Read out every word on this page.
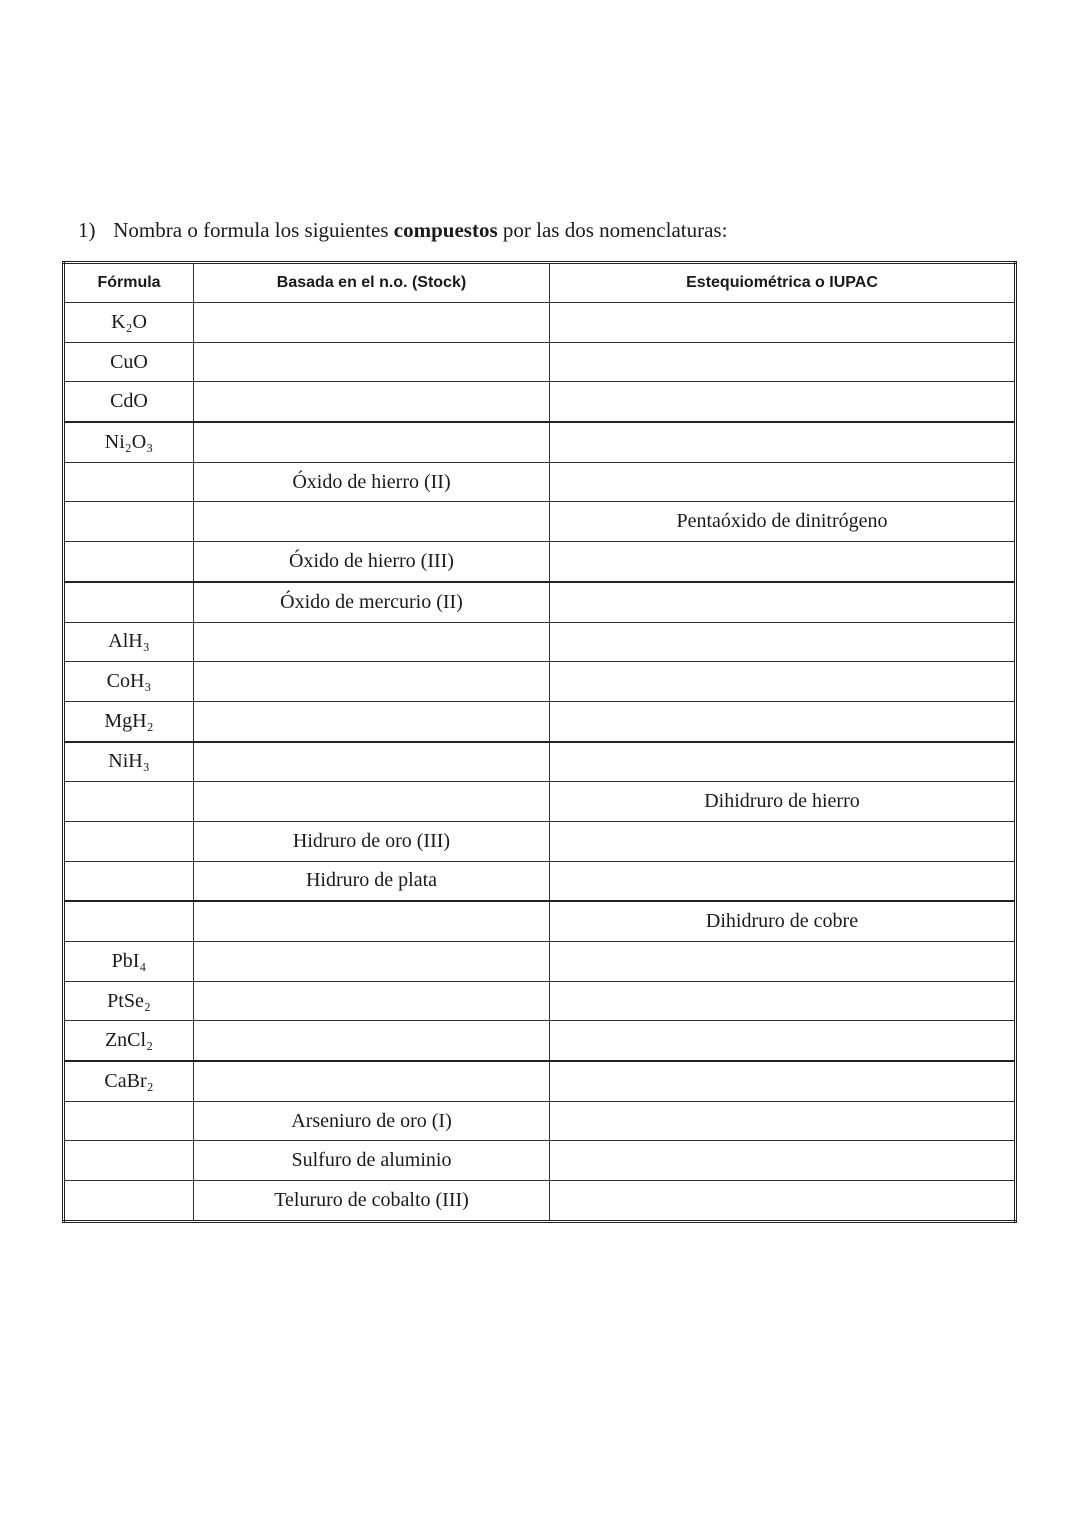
1) Nombra o formula los siguientes compuestos por las dos nomenclaturas:
Fórmula	Basada en el n.o. (Stock)	Estequiométrica o IUPAC
K₂O		
CuO		
CdO		
Ni₂O₃		
	Óxido de hierro (II)	
		Pentaóxido de dinitrógeno
	Óxido de hierro (III)	
	Óxido de mercurio (II)	
AlH₃		
CoH₃		
MgH₂		
NiH₃		
		Dihidruro de hierro
	Hidruro de oro (III)	
	Hidruro de plata	
		Dihidruro de cobre
PbI₄		
PtSe₂		
ZnCl₂		
CaBr₂		
	Arseniuro de oro (I)	
	Sulfuro de aluminio	
	Telururo de cobalto (III)	
